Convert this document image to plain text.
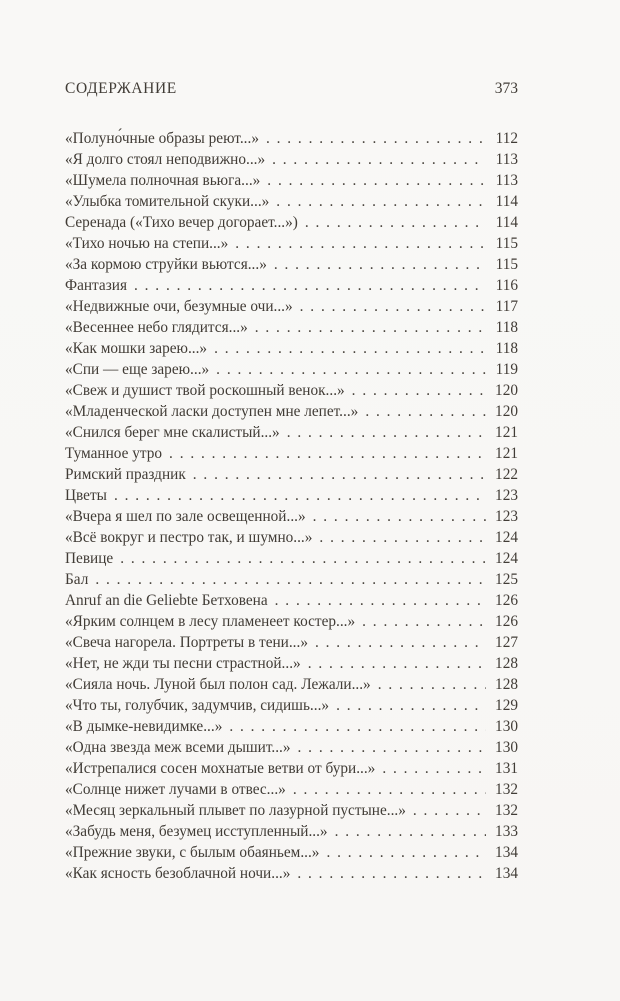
СОДЕРЖАНИЕ	373
«Полуно́чные образы реют...» . . .	112
«Я долго стоял неподвижно...» . . .	113
«Шумела полночная вьюга...» . . .	113
«Улыбка томительной скуки...» . . .	114
Серенада («Тихо вечер догорает...») . . .	114
«Тихо ночью на степи...» . . .	115
«За кормою струйки вьются...» . . .	115
Фантазия . . .	116
«Недвижные очи, безумные очи...» . . .	117
«Весеннее небо глядится...» . . .	118
«Как мошки зарею...» . . .	118
«Спи — еще зарею...» . . .	119
«Свеж и душист твой роскошный венок...» . . .	120
«Младенческой ласки доступен мне лепет...» . . .	120
«Снился берег мне скалистый...» . . .	121
Туманное утро . . .	121
Римский праздник . . .	122
Цветы . . .	123
«Вчера я шел по зале освещенной...» . . .	123
«Всё вокруг и пестро так, и шумно...» . . .	124
Певице . . .	124
Бал . . .	125
Anruf an die Geliebte Бетховена . . .	126
«Ярким солнцем в лесу пламенеет костер...» . . .	126
«Свеча нагорела. Портреты в тени...» . . .	127
«Нет, не жди ты песни страстной...» . . .	128
«Сияла ночь. Луной был полон сад. Лежали...» . . .	128
«Что ты, голубчик, задумчив, сидишь...» . . .	129
«В дымке-невидимке...» . . .	130
«Одна звезда меж всеми дышит...» . . .	130
«Истрепалися сосен мохнатые ветви от бури...» . . .	131
«Солнце нижет лучами в отвес...» . . .	132
«Месяц зеркальный плывет по лазурной пустыне...» . . .	132
«Забудь меня, безумец исступленный...» . . .	133
«Прежние звуки, с былым обаяньем...» . . .	134
«Как ясность безоблачной ночи...» . . .	134
